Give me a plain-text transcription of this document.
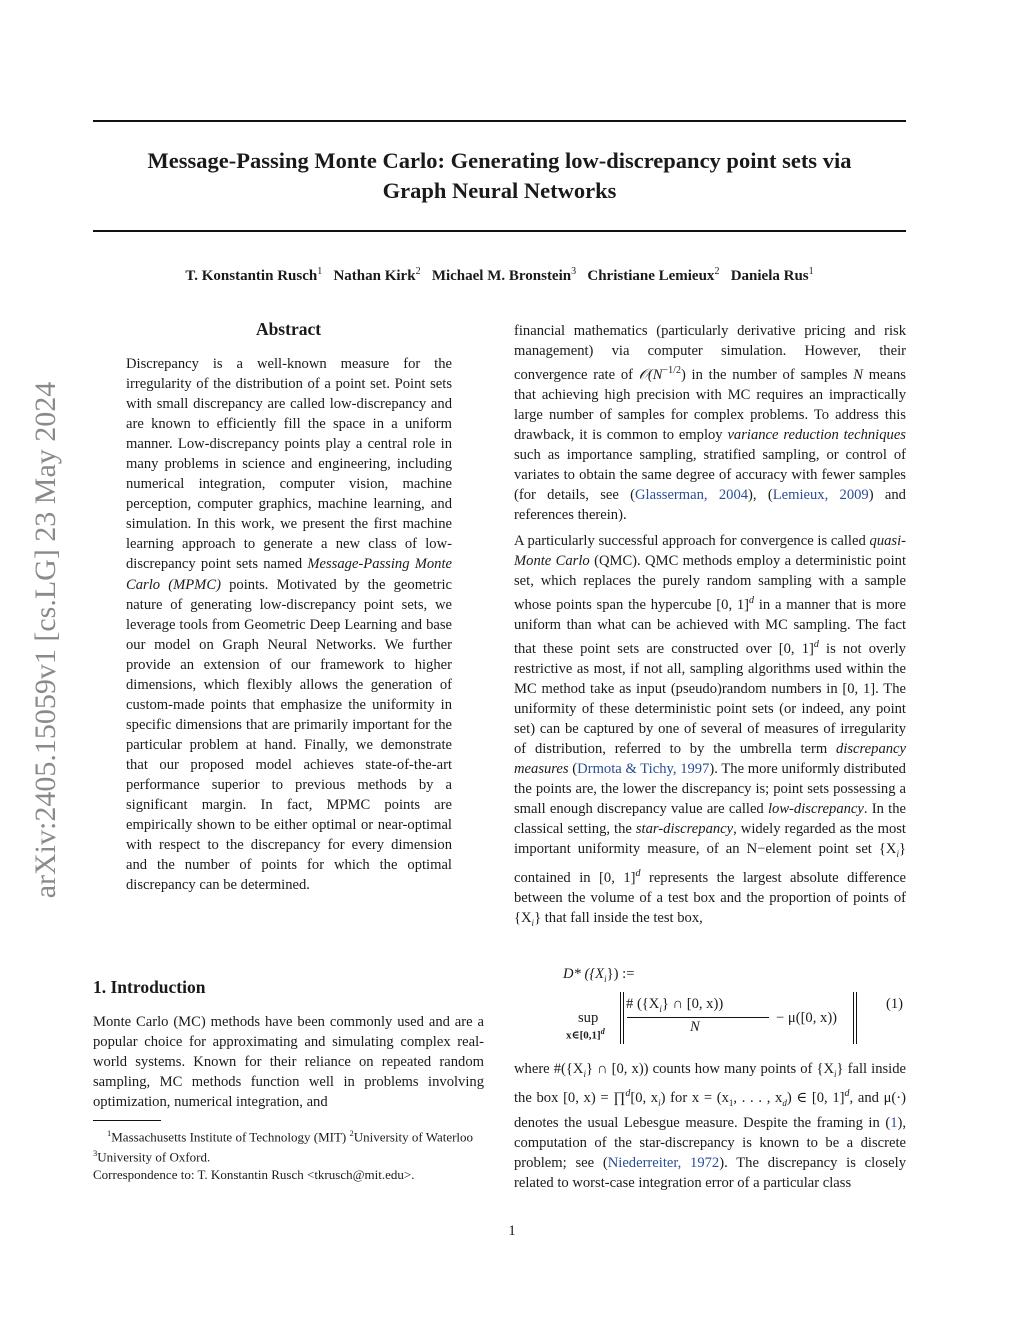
arXiv:2405.15059v1 [cs.LG] 23 May 2024
Message-Passing Monte Carlo: Generating low-discrepancy point sets via
Graph Neural Networks
T. Konstantin Rusch$^1$ Nathan Kirk$^2$ Michael M. Bronstein$^3$ Christiane Lemieux$^2$ Daniela Rus$^1$
Abstract
Discrepancy is a well-known measure for the irregularity of the distribution of a point set. Point sets with small discrepancy are called low-discrepancy and are known to efficiently fill the space in a uniform manner. Low-discrepancy points play a central role in many problems in science and engineering, including numerical integration, computer vision, machine perception, computer graphics, machine learning, and simulation. In this work, we present the first machine learning approach to generate a new class of low-discrepancy point sets named Message-Passing Monte Carlo (MPMC) points. Motivated by the geometric nature of generating low-discrepancy point sets, we leverage tools from Geometric Deep Learning and base our model on Graph Neural Networks. We further provide an extension of our framework to higher dimensions, which flexibly allows the generation of custom-made points that emphasize the uniformity in specific dimensions that are primarily important for the particular problem at hand. Finally, we demonstrate that our proposed model achieves state-of-the-art performance superior to previous methods by a significant margin. In fact, MPMC points are empirically shown to be either optimal or near-optimal with respect to the discrepancy for every dimension and the number of points for which the optimal discrepancy can be determined.
1. Introduction

Monte Carlo (MC) methods have been commonly used and are a popular choice for approximating and simulating complex real-world systems. Known for their reliance on repeated random sampling, MC methods function well in problems involving optimization, numerical integration, and

$^1$Massachusetts Institute of Technology (MIT) $^2$University of Waterloo $^3$University of Oxford.
Correspondence to: T. Konstantin Rusch <tkrusch@mit.edu>.

financial mathematics (particularly derivative pricing and risk management) via computer simulation. However, their convergence rate of $𝒪(N^{-1/2})$ in the number of samples N means that achieving high precision with MC requires an impractically large number of samples for complex problems. To address this drawback, it is common to employ variance reduction techniques such as importance sampling, stratified sampling, or control of variates to obtain the same degree of accuracy with fewer samples (for details, see (Glasserman, 2004), (Lemieux, 2009) and references therein).

A particularly successful approach for convergence is called quasi-Monte Carlo (QMC). QMC methods employ a deterministic point set, which replaces the purely random sampling with a sample whose points span the hypercube [0, 1]$^d$ in a manner that is more uniform than what can be achieved with MC sampling. The fact that these point sets are constructed over [0, 1]$^d$ is not overly restrictive as most, if not all, sampling algorithms used within the MC method take as input (pseudo)random numbers in [0, 1]. The uniformity of these deterministic point sets (or indeed, any point set) can be captured by one of several of measures of irregularity of distribution, referred to by the umbrella term discrepancy measures (Drmota & Tichy, 1997). The more uniformly distributed the points are, the lower the discrepancy is; point sets possessing a small enough discrepancy value are called low-discrepancy. In the classical setting, the star-discrepancy, widely regarded as the most important uniformity measure, of an N−element point set $\{X_i\}$ contained in [0, 1]$^d$ represents the largest absolute difference between the volume of a test box and the proportion of points of $\{X_i\}$ that fall inside the test box,

D* $(\{X_i\})$ :=
sup
$x\in[0,1]^d$
# ($\{X_i\}$ ∩ [0, x))
N
− μ([0, x))
(1)

where $\#(\{X_i\}$ ∩ [0, x)) counts how many points of $\{X_i\}$ fall inside the box [0, x) = ∏$^d$[0, $x_i$) for $x = (x_1$, . . . , $x_d$) ∈ [0, 1]$^d$, and μ(·) denotes the usual Lebesgue measure. Despite the framing in (1), computation of the star-discrepancy is known to be a discrete problem; see (Niederreiter, 1972). The discrepancy is closely related to worst-case integration error of a particular class

1
